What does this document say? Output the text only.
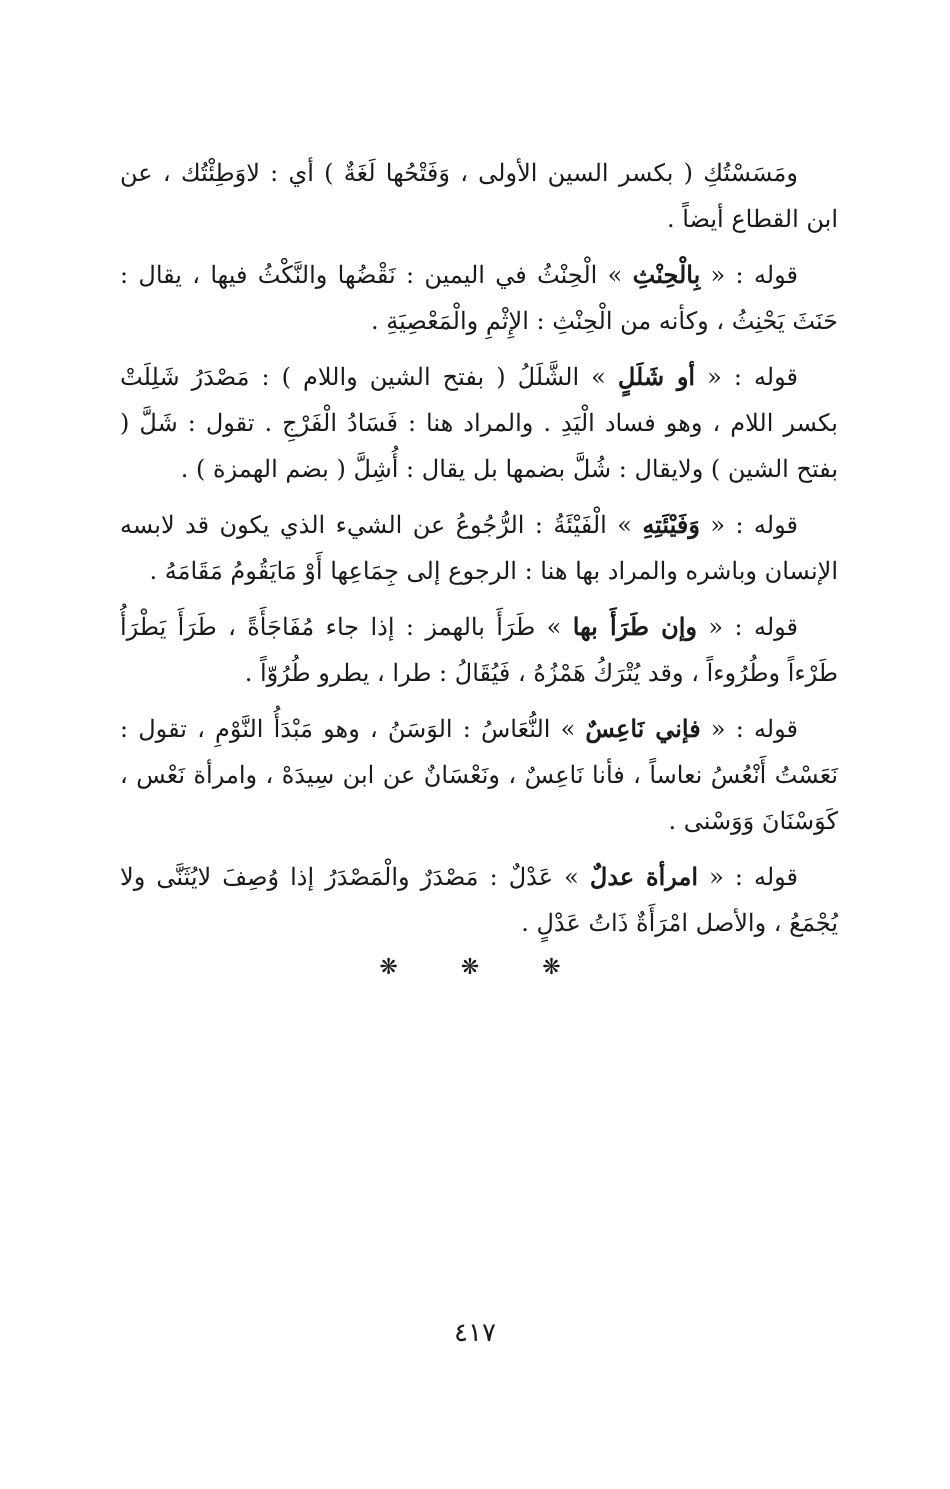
ومَسَسْتُكِ ( بكسر السين الأولى ، وَفَتْحُها لَغَةٌ ) أي : لاوَطِئْتُك ، عن ابن القطاع أيضاً .

قوله : « بِالْحِنْثِ » الْحِنْثُ في اليمين : نَقْضُها والنَّكْثُ فيها ، يقال : حَنَثَ يَحْنِثُ ، وكأنه من الْحِنْثِ : الإِثْمِ والْمَعْصِيَةِ .

قوله : « أو شَلَلٍ » الشَّلَلُ ( بفتح الشين واللام ) : مَصْدَرُ شَلِلَتْ بكسر اللام ، وهو فساد الْيَدِ . والمراد هنا : فَسَادُ الْفَرْجِ . تقول : شَلَّ ( بفتح الشين ) ولايقال : شُلَّ بضمها بل يقال : أُشِلَّ ( بضم الهمزة ) .

قوله : « وَفَيْئَتِهِ » الْفَيْئَةُ : الرُّجُوعُ عن الشيء الذي يكون قد لابسه الإنسان وباشره والمراد بها هنا : الرجوع إلى جِمَاعِها أَوْ مَايَقُومُ مَقَامَهُ .

قوله : « وإن طَرَأَ بها » طَرَأَ بالهمز : إذا جاء مُفَاجَأَةً ، طَرَأَ يَطْرَأُ طَرْءاً وطُرُوءاً ، وقد يُتْرَكُ هَمْزُهُ ، فَيُقَالُ : طرا ، يطرو طُرُوّاً .

قوله : « فإني نَاعِسٌ » النُّعَاسُ : الوَسَنُ ، وهو مَبْدَأُ النَّوْمِ ، تقول : نَعَسْتُ أَنْعُسُ نعاساً ، فأنا نَاعِسٌ ، ونَعْسَانٌ عن ابن سِيدَهْ ، وامرأة نَعْس ، كَوَسْنَانَ وَوَسْنى .

قوله : « امرأة عدلٌ » عَدْلٌ : مَصْدَرٌ والْمَصْدَرُ إذا وُصِفَ لايُثَنَّى ولا يُجْمَعُ ، والأصل امْرَأَةٌ ذَاتُ عَدْلٍ .

❋ ❋ ❋
٤١٧
